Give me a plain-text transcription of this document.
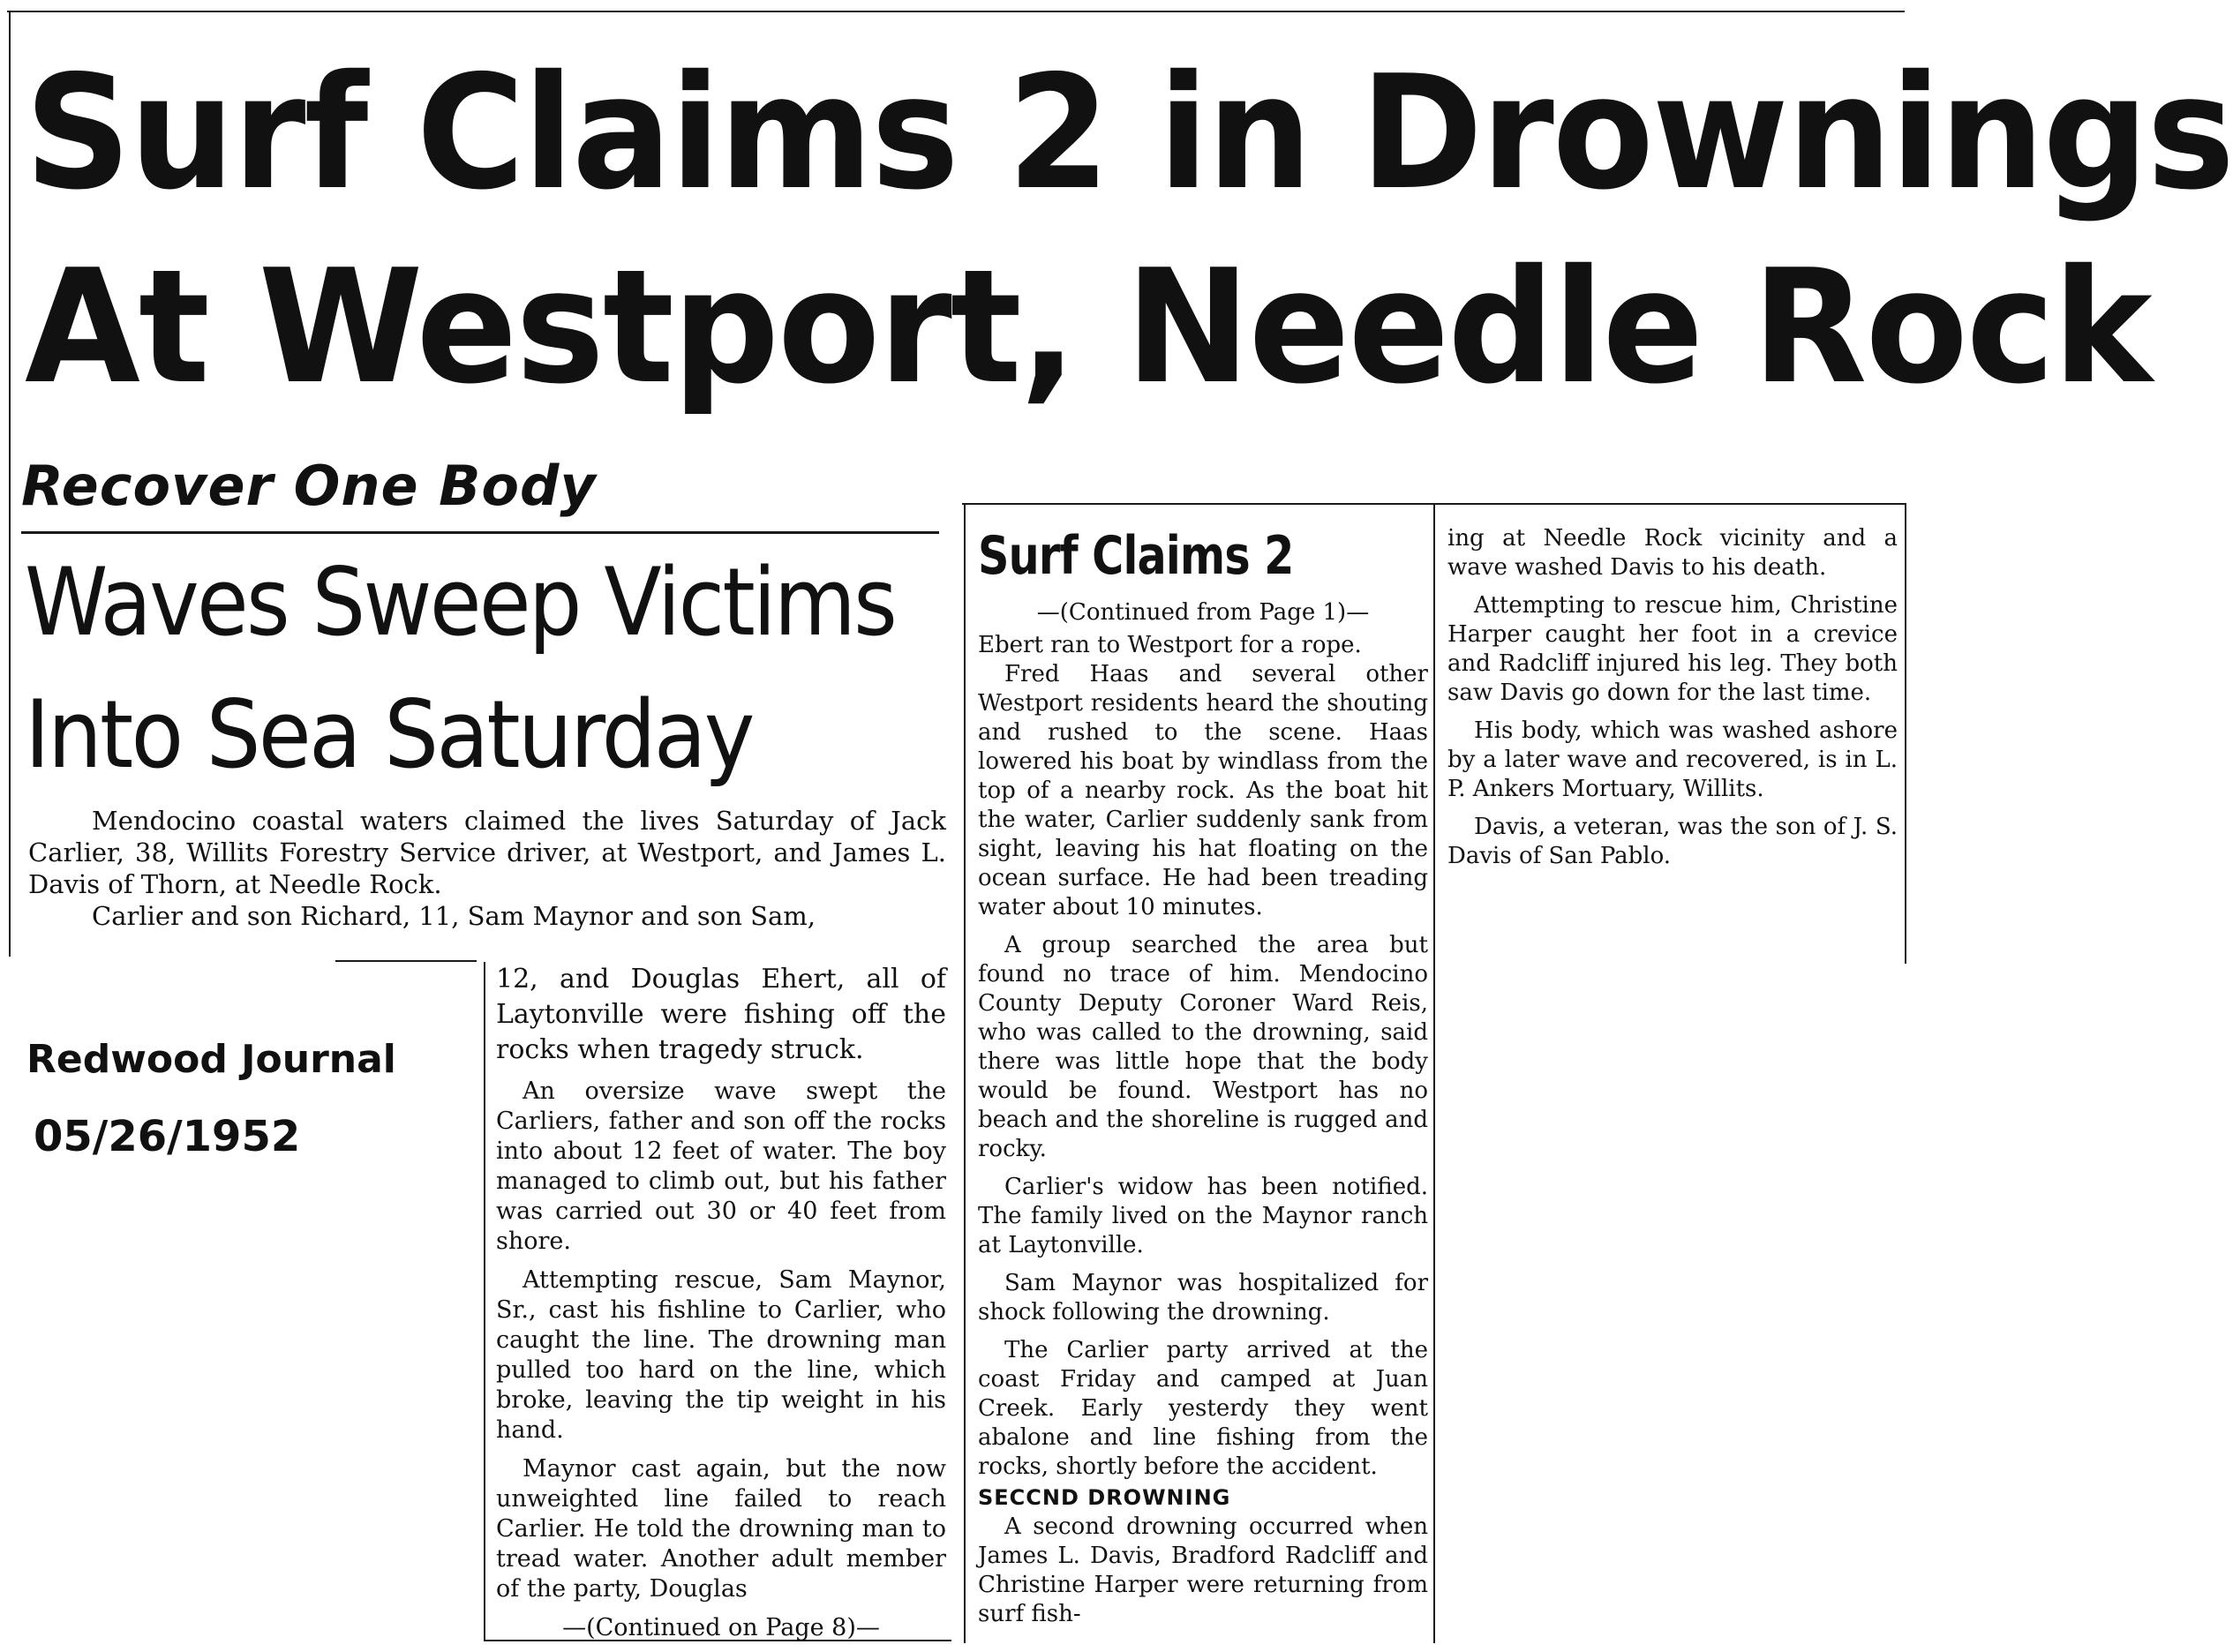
Surf Claims 2 in Drownings
At Westport, Needle Rock
Recover One Body
Waves Sweep Victims
Into Sea Saturday

Mendocino coastal waters claimed the lives Saturday of Jack Carlier, 38, Willits Forestry Service driver, at Westport, and James L. Davis of Thorn, at Needle Rock.

Carlier and son Richard, 11, Sam Maynor and son Sam,

12, and Douglas Ehert, all of Laytonville were fishing off the rocks when tragedy struck.

An oversize wave swept the Carliers, father and son off the rocks into about 12 feet of water. The boy managed to climb out, but his father was carried out 30 or 40 feet from shore.

Attempting rescue, Sam Maynor, Sr., cast his fishline to Carlier, who caught the line. The drowning man pulled too hard on the line, which broke, leaving the tip weight in his hand.

Maynor cast again, but the now unweighted line failed to reach Carlier. He told the drowning man to tread water. Another adult member of the party, Douglas

—(Continued on Page 8)—

Surf Claims 2

—(Continued from Page 1)—

Ebert ran to Westport for a rope.

Fred Haas and several other Westport residents heard the shouting and rushed to the scene. Haas lowered his boat by windlass from the top of a nearby rock. As the boat hit the water, Carlier suddenly sank from sight, leaving his hat floating on the ocean surface. He had been treading water about 10 minutes.

A group searched the area but found no trace of him. Mendocino County Deputy Coroner Ward Reis, who was called to the drowning, said there was little hope that the body would be found. Westport has no beach and the shoreline is rugged and rocky.

Carlier's widow has been notified. The family lived on the Maynor ranch at Laytonville.

Sam Maynor was hospitalized for shock following the drowning.

The Carlier party arrived at the coast Friday and camped at Juan Creek. Early yesterdy they went abalone and line fishing from the rocks, shortly before the accident.

SECCND DROWNING

A second drowning occurred when James L. Davis, Bradford Radcliff and Christine Harper were returning from surf fish-

ing at Needle Rock vicinity and a wave washed Davis to his death.

Attempting to rescue him, Christine Harper caught her foot in a crevice and Radcliff injured his leg. They both saw Davis go down for the last time.

His body, which was washed ashore by a later wave and recovered, is in L. P. Ankers Mortuary, Willits.

Davis, a veteran, was the son of J. S. Davis of San Pablo.

Redwood Journal
05/26/1952
